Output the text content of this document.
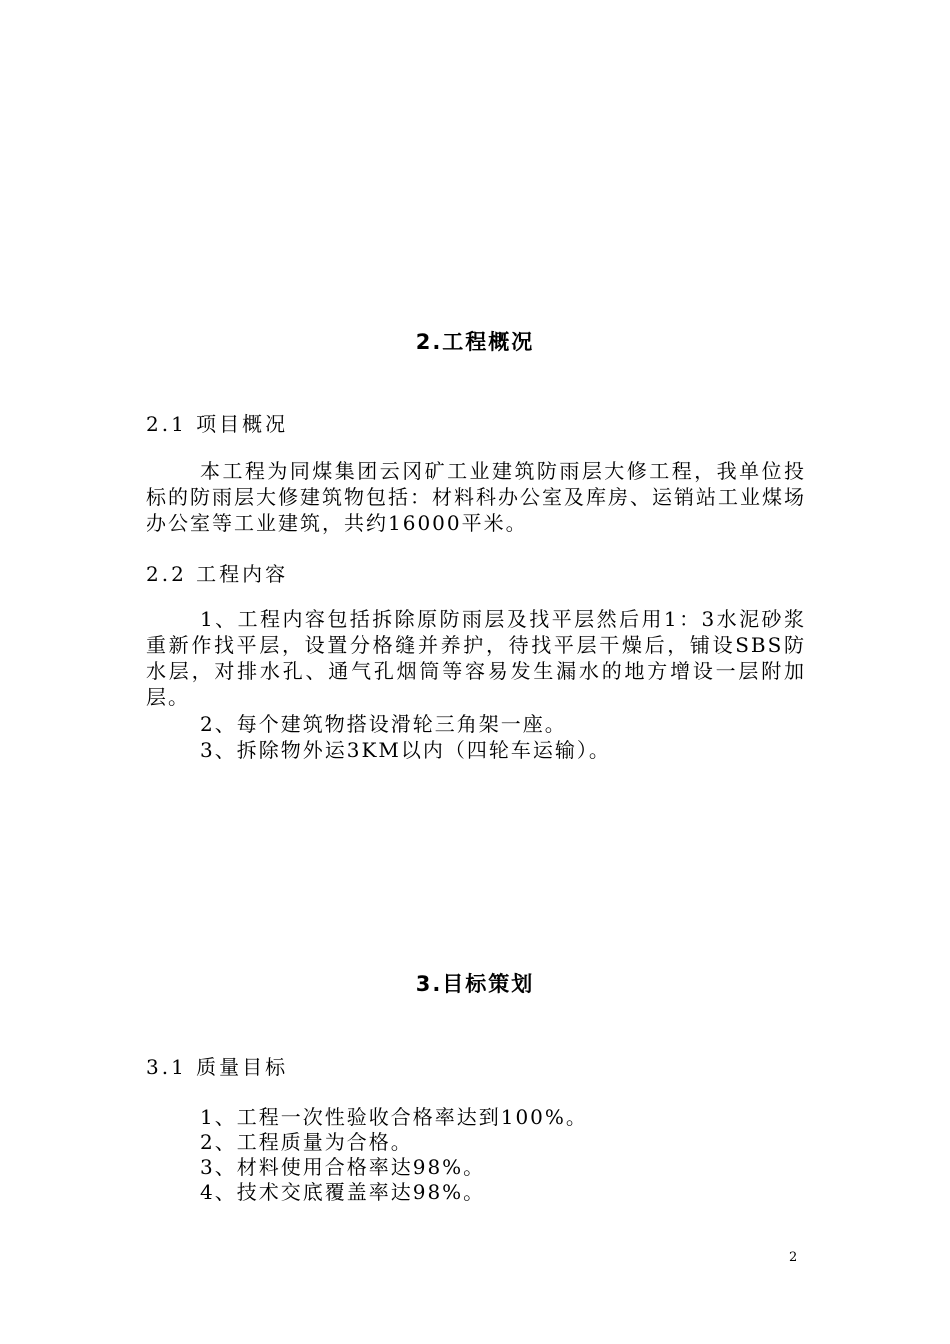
2.工程概况
2.1 项目概况

本工程为同煤集团云冈矿工业建筑防雨层大修工程，我单位投标的防雨层大修建筑物包括：材料科办公室及库房、运销站工业煤场办公室等工业建筑，共约16000平米。

2.2 工程内容

1、工程内容包括拆除原防雨层及找平层然后用1：3水泥砂浆重新作找平层，设置分格缝并养护，待找平层干燥后，铺设SBS防水层，对排水孔、通气孔烟筒等容易发生漏水的地方增设一层附加层。

2、每个建筑物搭设滑轮三角架一座。
3、拆除物外运3KM以内（四轮车运输）。
3.目标策划
3.1 质量目标
1、工程一次性验收合格率达到100%。
2、工程质量为合格。
3、材料使用合格率达98%。
4、技术交底覆盖率达98%。
2
